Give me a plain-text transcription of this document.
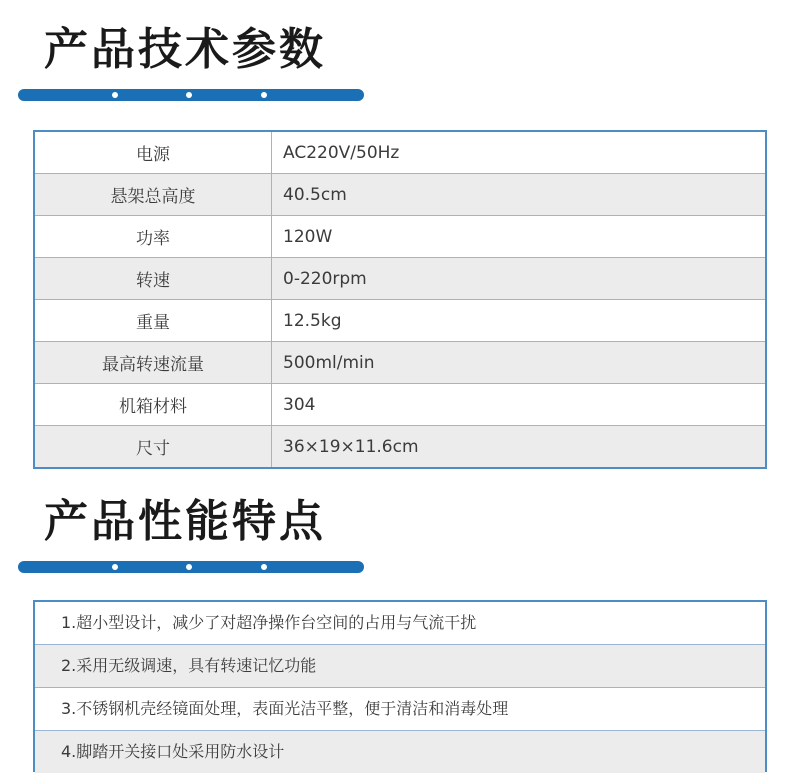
产品技术参数
电源	AC220V/50Hz
悬架总高度	40.5cm
功率	120W
转速	0-220rpm
重量	12.5kg
最高转速流量	500ml/min
机箱材料	304
尺寸	36×19×11.6cm
产品性能特点
1.超小型设计，减少了对超净操作台空间的占用与气流干扰
2.采用无级调速，具有转速记忆功能
3.不锈钢机壳经镜面处理，表面光洁平整，便于清洁和消毒处理
4.脚踏开关接口处采用防水设计
